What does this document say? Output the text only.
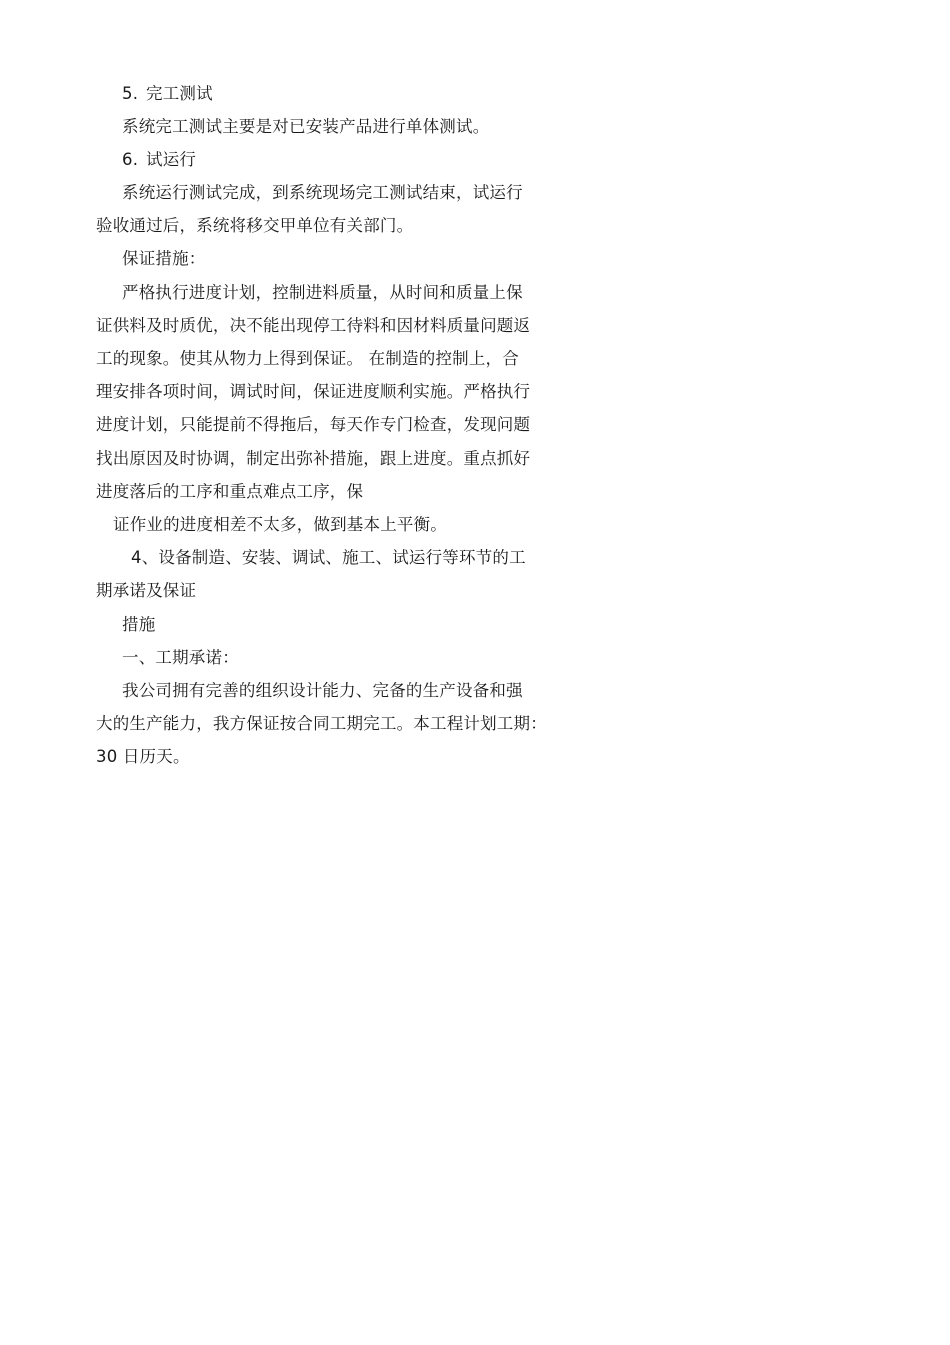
5. 完工测试
系统完工测试主要是对已安装产品进行单体测试。
6. 试运行
系统运行测试完成，到系统现场完工测试结束，试运行
验收通过后，系统将移交甲单位有关部门。
保证措施：
严格执行进度计划，控制进料质量，从时间和质量上保
证供料及时质优，决不能出现停工待料和因材料质量问题返
工的现象。使其从物力上得到保证。 在制造的控制上，合
理安排各项时间，调试时间，保证进度顺利实施。严格执行
进度计划，只能提前不得拖后，每天作专门检查，发现问题
找出原因及时协调，制定出弥补措施，跟上进度。重点抓好
进度落后的工序和重点难点工序，保
证作业的进度相差不太多，做到基本上平衡。
4、设备制造、安装、调试、施工、试运行等环节的工
期承诺及保证
措施
一、工期承诺：
我公司拥有完善的组织设计能力、完备的生产设备和强
大的生产能力，我方保证按合同工期完工。本工程计划工期：
30 日历天。
